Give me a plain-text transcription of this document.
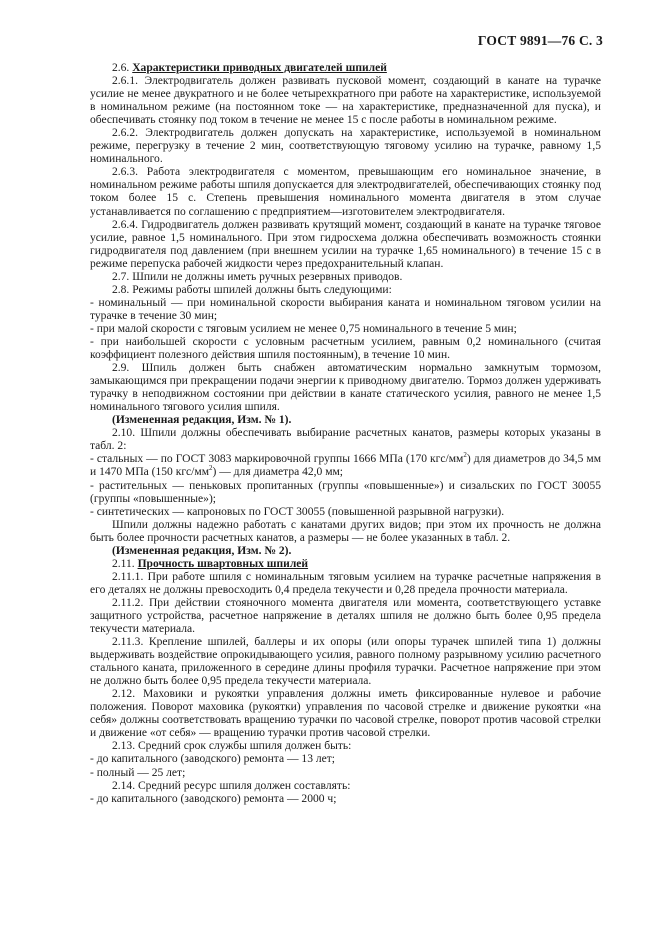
ГОСТ 9891—76 С. 3

2.6. Характеристики приводных двигателей шпилей

2.6.1. Электродвигатель должен развивать пусковой момент, создающий в канате на турачке усилие не менее двукратного и не более четырехкратного при работе на характеристике, используемой в номинальном режиме (на постоянном токе — на характеристике, предназначенной для пуска), и обеспечивать стоянку под током в течение не менее 15 с после работы в номинальном режиме.

2.6.2. Электродвигатель должен допускать на характеристике, используемой в номинальном режиме, перегрузку в течение 2 мин, соответствующую тяговому усилию на турачке, равному 1,5 номинального.

2.6.3. Работа электродвигателя с моментом, превышающим его номинальное значение, в номинальном режиме работы шпиля допускается для электродвигателей, обеспечивающих стоянку под током более 15 с. Степень превышения номинального момента двигателя в этом случае устанавливается по соглашению с предприятием—изготовителем электродвигателя.

2.6.4. Гидродвигатель должен развивать крутящий момент, создающий в канате на турачке тяговое усилие, равное 1,5 номинального. При этом гидросхема должна обеспечивать возможность стоянки гидродвигателя под давлением (при внешнем усилии на турачке 1,65 номинального) в течение 15 с в режиме перепуска рабочей жидкости через предохранительный клапан.

2.7. Шпили не должны иметь ручных резервных приводов.

2.8. Режимы работы шпилей должны быть следующими:

- номинальный — при номинальной скорости выбирания каната и номинальном тяговом усилии на турачке в течение 30 мин;

- при малой скорости с тяговым усилием не менее 0,75 номинального в течение 5 мин;

- при наибольшей скорости с условным расчетным усилием, равным 0,2 номинального (считая коэффициент полезного действия шпиля постоянным), в течение 10 мин.

2.9. Шпиль должен быть снабжен автоматическим нормально замкнутым тормозом, замыкающимся при прекращении подачи энергии к приводному двигателю. Тормоз должен удерживать турачку в неподвижном состоянии при действии в канате статического усилия, равного не менее 1,5 номинального тягового усилия шпиля.

(Измененная редакция, Изм. № 1).

2.10. Шпили должны обеспечивать выбирание расчетных канатов, размеры которых указаны в табл. 2:

- стальных — по ГОСТ 3083 маркировочной группы 1666 МПа (170 кгс/$мм^2$) для диаметров до 34,5 мм и 1470 МПа (150 кгс/$мм^2$) — для диаметра 42,0 мм;

- растительных — пеньковых пропитанных (группы «повышенные») и сизальских по ГОСТ 30055 (группы «повышенные»);

- синтетических — капроновых по ГОСТ 30055 (повышенной разрывной нагрузки).

Шпили должны надежно работать с канатами других видов; при этом их прочность не должна быть более прочности расчетных канатов, а размеры — не более указанных в табл. 2.

(Измененная редакция, Изм. № 2).

2.11. Прочность швартовных шпилей

2.11.1. При работе шпиля с номинальным тяговым усилием на турачке расчетные напряжения в его деталях не должны превосходить 0,4 предела текучести и 0,28 предела прочности материала.

2.11.2. При действии стояночного момента двигателя или момента, соответствующего уставке защитного устройства, расчетное напряжение в деталях шпиля не должно быть более 0,95 предела текучести материала.

2.11.3. Крепление шпилей, баллеры и их опоры (или опоры турачек шпилей типа 1) должны выдерживать воздействие опрокидывающего усилия, равного полному разрывному усилию расчетного стального каната, приложенного в середине длины профиля турачки. Расчетное напряжение при этом не должно быть более 0,95 предела текучести материала.

2.12. Маховики и рукоятки управления должны иметь фиксированные нулевое и рабочие положения. Поворот маховика (рукоятки) управления по часовой стрелке и движение рукоятки «на себя» должны соответствовать вращению турачки по часовой стрелке, поворот против часовой стрелки и движение «от себя» — вращению турачки против часовой стрелки.

2.13. Средний срок службы шпиля должен быть:

- до капитального (заводского) ремонта — 13 лет;

- полный — 25 лет;

2.14. Средний ресурс шпиля должен составлять:

- до капитального (заводского) ремонта — 2000 ч;
